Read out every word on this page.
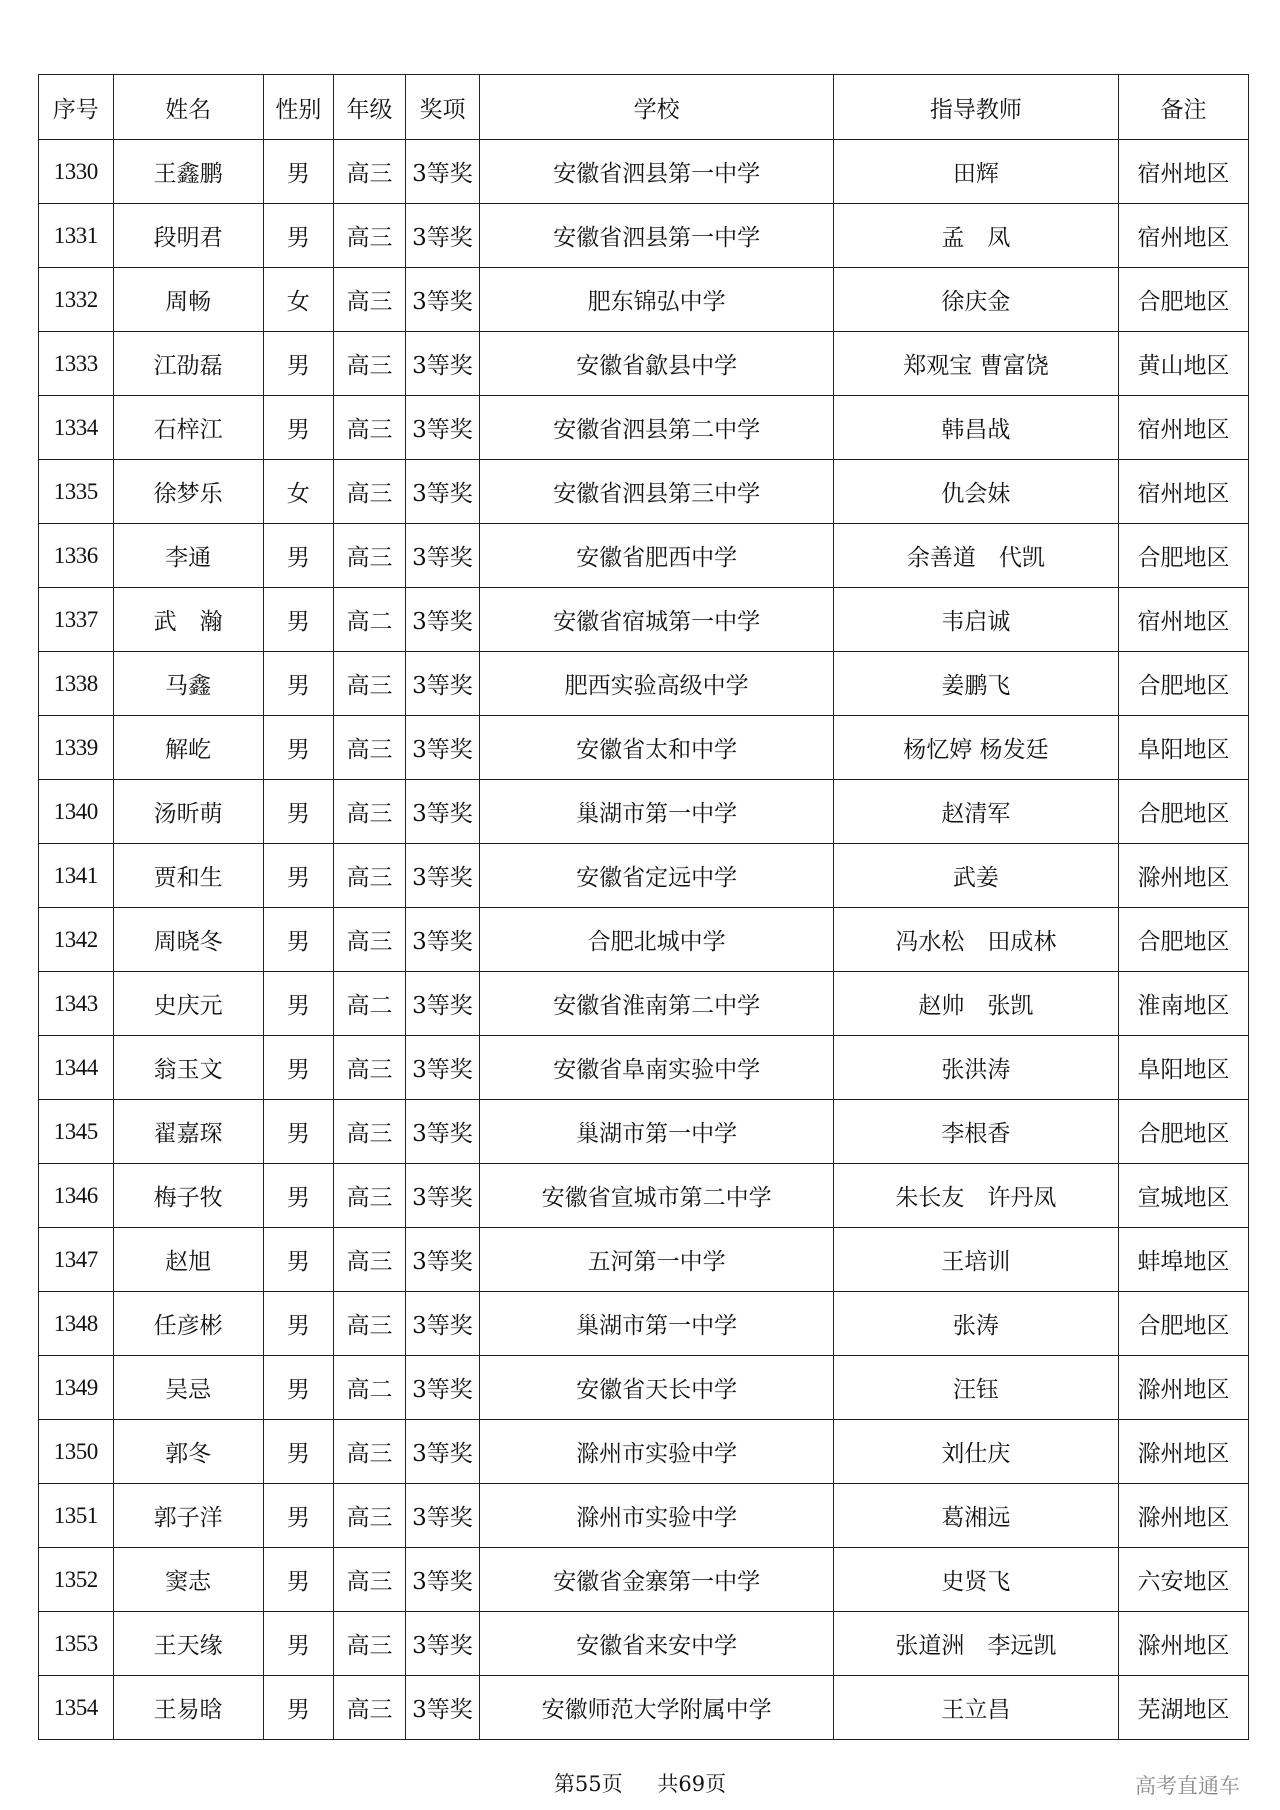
序号	姓名	性别	年级	奖项	学校	指导教师	备注
1330	王鑫鹏	男	高三	3等奖	安徽省泗县第一中学	田辉	宿州地区
1331	段明君	男	高三	3等奖	安徽省泗县第一中学	孟　凤	宿州地区
1332	周畅	女	高三	3等奖	肥东锦弘中学	徐庆金	合肥地区
1333	江劭磊	男	高三	3等奖	安徽省歙县中学	郑观宝 曹富饶	黄山地区
1334	石梓江	男	高三	3等奖	安徽省泗县第二中学	韩昌战	宿州地区
1335	徐梦乐	女	高三	3等奖	安徽省泗县第三中学	仇会妹	宿州地区
1336	李通	男	高三	3等奖	安徽省肥西中学	余善道　代凯	合肥地区
1337	武　瀚	男	高二	3等奖	安徽省宿城第一中学	韦启诚	宿州地区
1338	马鑫	男	高三	3等奖	肥西实验高级中学	姜鹏飞	合肥地区
1339	解屹	男	高三	3等奖	安徽省太和中学	杨忆婷 杨发廷	阜阳地区
1340	汤昕萌	男	高三	3等奖	巢湖市第一中学	赵清军	合肥地区
1341	贾和生	男	高三	3等奖	安徽省定远中学	武姜	滁州地区
1342	周晓冬	男	高三	3等奖	合肥北城中学	冯水松　田成林	合肥地区
1343	史庆元	男	高二	3等奖	安徽省淮南第二中学	赵帅　张凯	淮南地区
1344	翁玉文	男	高三	3等奖	安徽省阜南实验中学	张洪涛	阜阳地区
1345	翟嘉琛	男	高三	3等奖	巢湖市第一中学	李根香	合肥地区
1346	梅子牧	男	高三	3等奖	安徽省宣城市第二中学	朱长友　许丹凤	宣城地区
1347	赵旭	男	高三	3等奖	五河第一中学	王培训	蚌埠地区
1348	任彦彬	男	高三	3等奖	巢湖市第一中学	张涛	合肥地区
1349	吴忌	男	高二	3等奖	安徽省天长中学	汪钰	滁州地区
1350	郭冬	男	高三	3等奖	滁州市实验中学	刘仕庆	滁州地区
1351	郭子洋	男	高三	3等奖	滁州市实验中学	葛湘远	滁州地区
1352	窦志	男	高三	3等奖	安徽省金寨第一中学	史贤飞	六安地区
1353	王天缘	男	高三	3等奖	安徽省来安中学	张道洲　李远凯	滁州地区
1354	王易晗	男	高三	3等奖	安徽师范大学附属中学	王立昌	芜湖地区
第55页 共69页	高考直通车
